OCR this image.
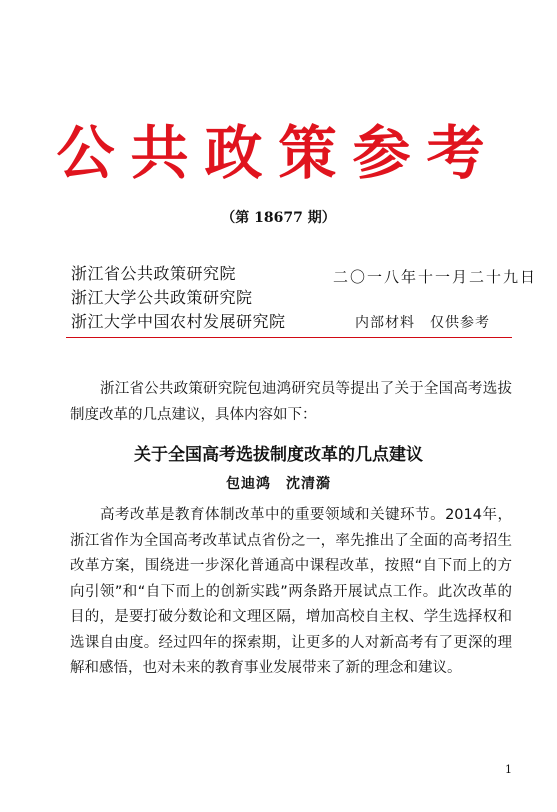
公共政策参考
（第 18677 期）
浙江省公共政策研究院
浙江大学公共政策研究院
浙江大学中国农村发展研究院
二〇一八年十一月二十九日
内部材料　仅供参考
浙江省公共政策研究院包迪鸿研究员等提出了关于全国高考选拔制度改革的几点建议，具体内容如下：
关于全国高考选拔制度改革的几点建议
包迪鸿　沈清漪
高考改革是教育体制改革中的重要领域和关键环节。2014年，浙江省作为全国高考改革试点省份之一，率先推出了全面的高考招生改革方案，围绕进一步深化普通高中课程改革，按照“自下而上的方向引领”和“自下而上的创新实践”两条路开展试点工作。此次改革的目的，是要打破分数论和文理区隔，增加高校自主权、学生选择权和选课自由度。经过四年的探索期，让更多的人对新高考有了更深的理解和感悟，也对未来的教育事业发展带来了新的理念和建议。
1
